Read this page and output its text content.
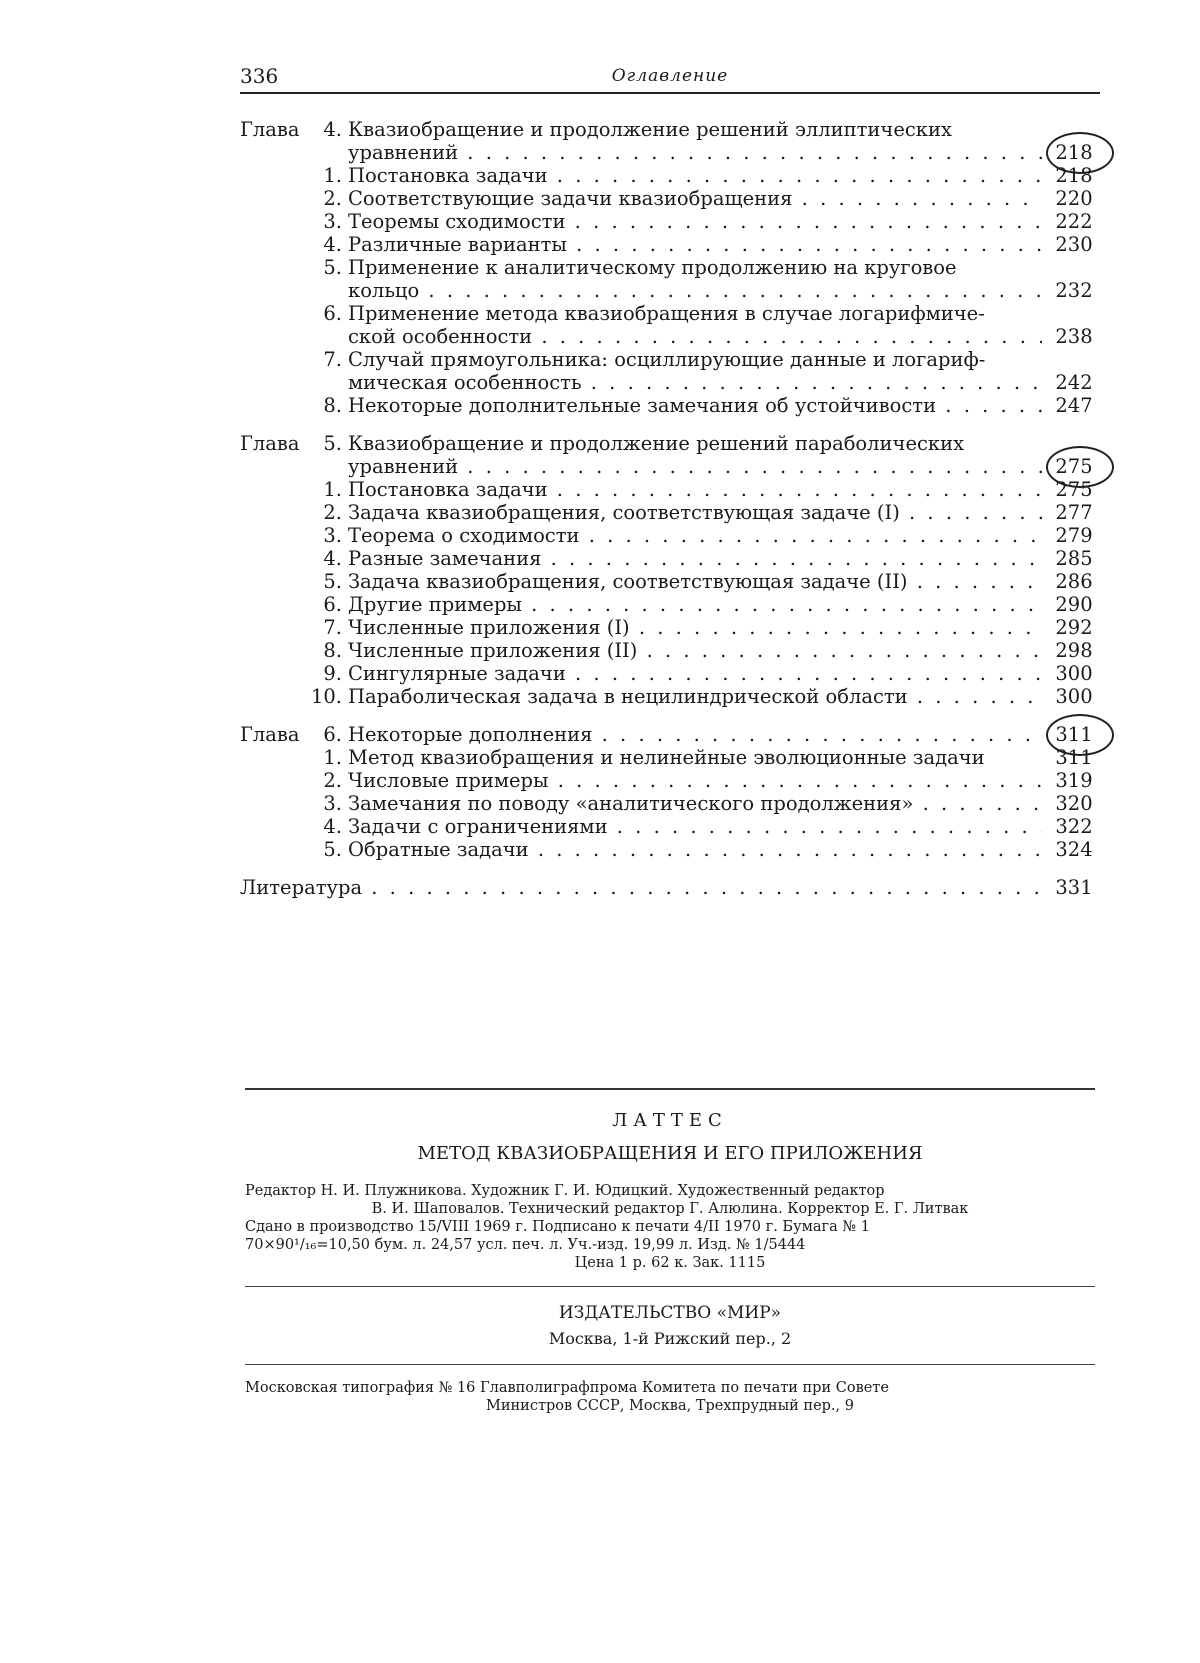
336	Оглавление
Глава	4. Квазиобращение и продолжение решений эллиптических
уравнений . . .	218
1. Постановка задачи . . .	218
2. Соответствующие задачи квазиобращения . . .	220
3. Теоремы сходимости . . .	222
4. Различные варианты . . .	230
5. Применение к аналитическому продолжению на круговое
кольцо . . .	232
6. Применение метода квазиобращения в случае логарифмиче-
ской особенности . . .	238
7. Случай прямоугольника: осциллирующие данные и логариф-
мическая особенность . . .	242
8. Некоторые дополнительные замечания об устойчивости . . .	247
Глава	5. Квазиобращение и продолжение решений параболических
уравнений . . .	275
1. Постановка задачи . . .	275
2. Задача квазиобращения, соответствующая задаче (I) . . .	277
3. Теорема о сходимости . . .	279
4. Разные замечания . . .	285
5. Задача квазиобращения, соответствующая задаче (II) . . .	286
6. Другие примеры . . .	290
7. Численные приложения (I) . . .	292
8. Численные приложения (II) . . .	298
9. Сингулярные задачи . . .	300
10. Параболическая задача в нецилиндрической области . . .	300
Глава	6. Некоторые дополнения . . .	311
1. Метод квазиобращения и нелинейные эволюционные задачи	311
2. Числовые примеры . . .	319
3. Замечания по поводу «аналитического продолжения» . . .	320
4. Задачи с ограничениями . . .	322
5. Обратные задачи . . .	324
Литература . . .	331
ЛАТТЕС
МЕТОД КВАЗИОБРАЩЕНИЯ И ЕГО ПРИЛОЖЕНИЯ

Редактор Н. И. Плужникова. Художник Г. И. Юдицкий. Художественный редактор

В. И. Шаповалов. Технический редактор Г. Алюлина. Корректор Е. Г. Литвак

Сдано в производство 15/VIII 1969 г. Подписано к печати 4/II 1970 г. Бумага № 1

70×90¹/₁₆=10,50 бум. л. 24,57 усл. печ. л. Уч.-изд. 19,99 л. Изд. № 1/5444

Цена 1 р. 62 к. Зак. 1115

ИЗДАТЕЛЬСТВО «МИР»
Москва, 1-й Рижский пер., 2
Московская типография № 16 Главполиграфпрома Комитета по печати при Совете
Министров СССР, Москва, Трехпрудный пер., 9
